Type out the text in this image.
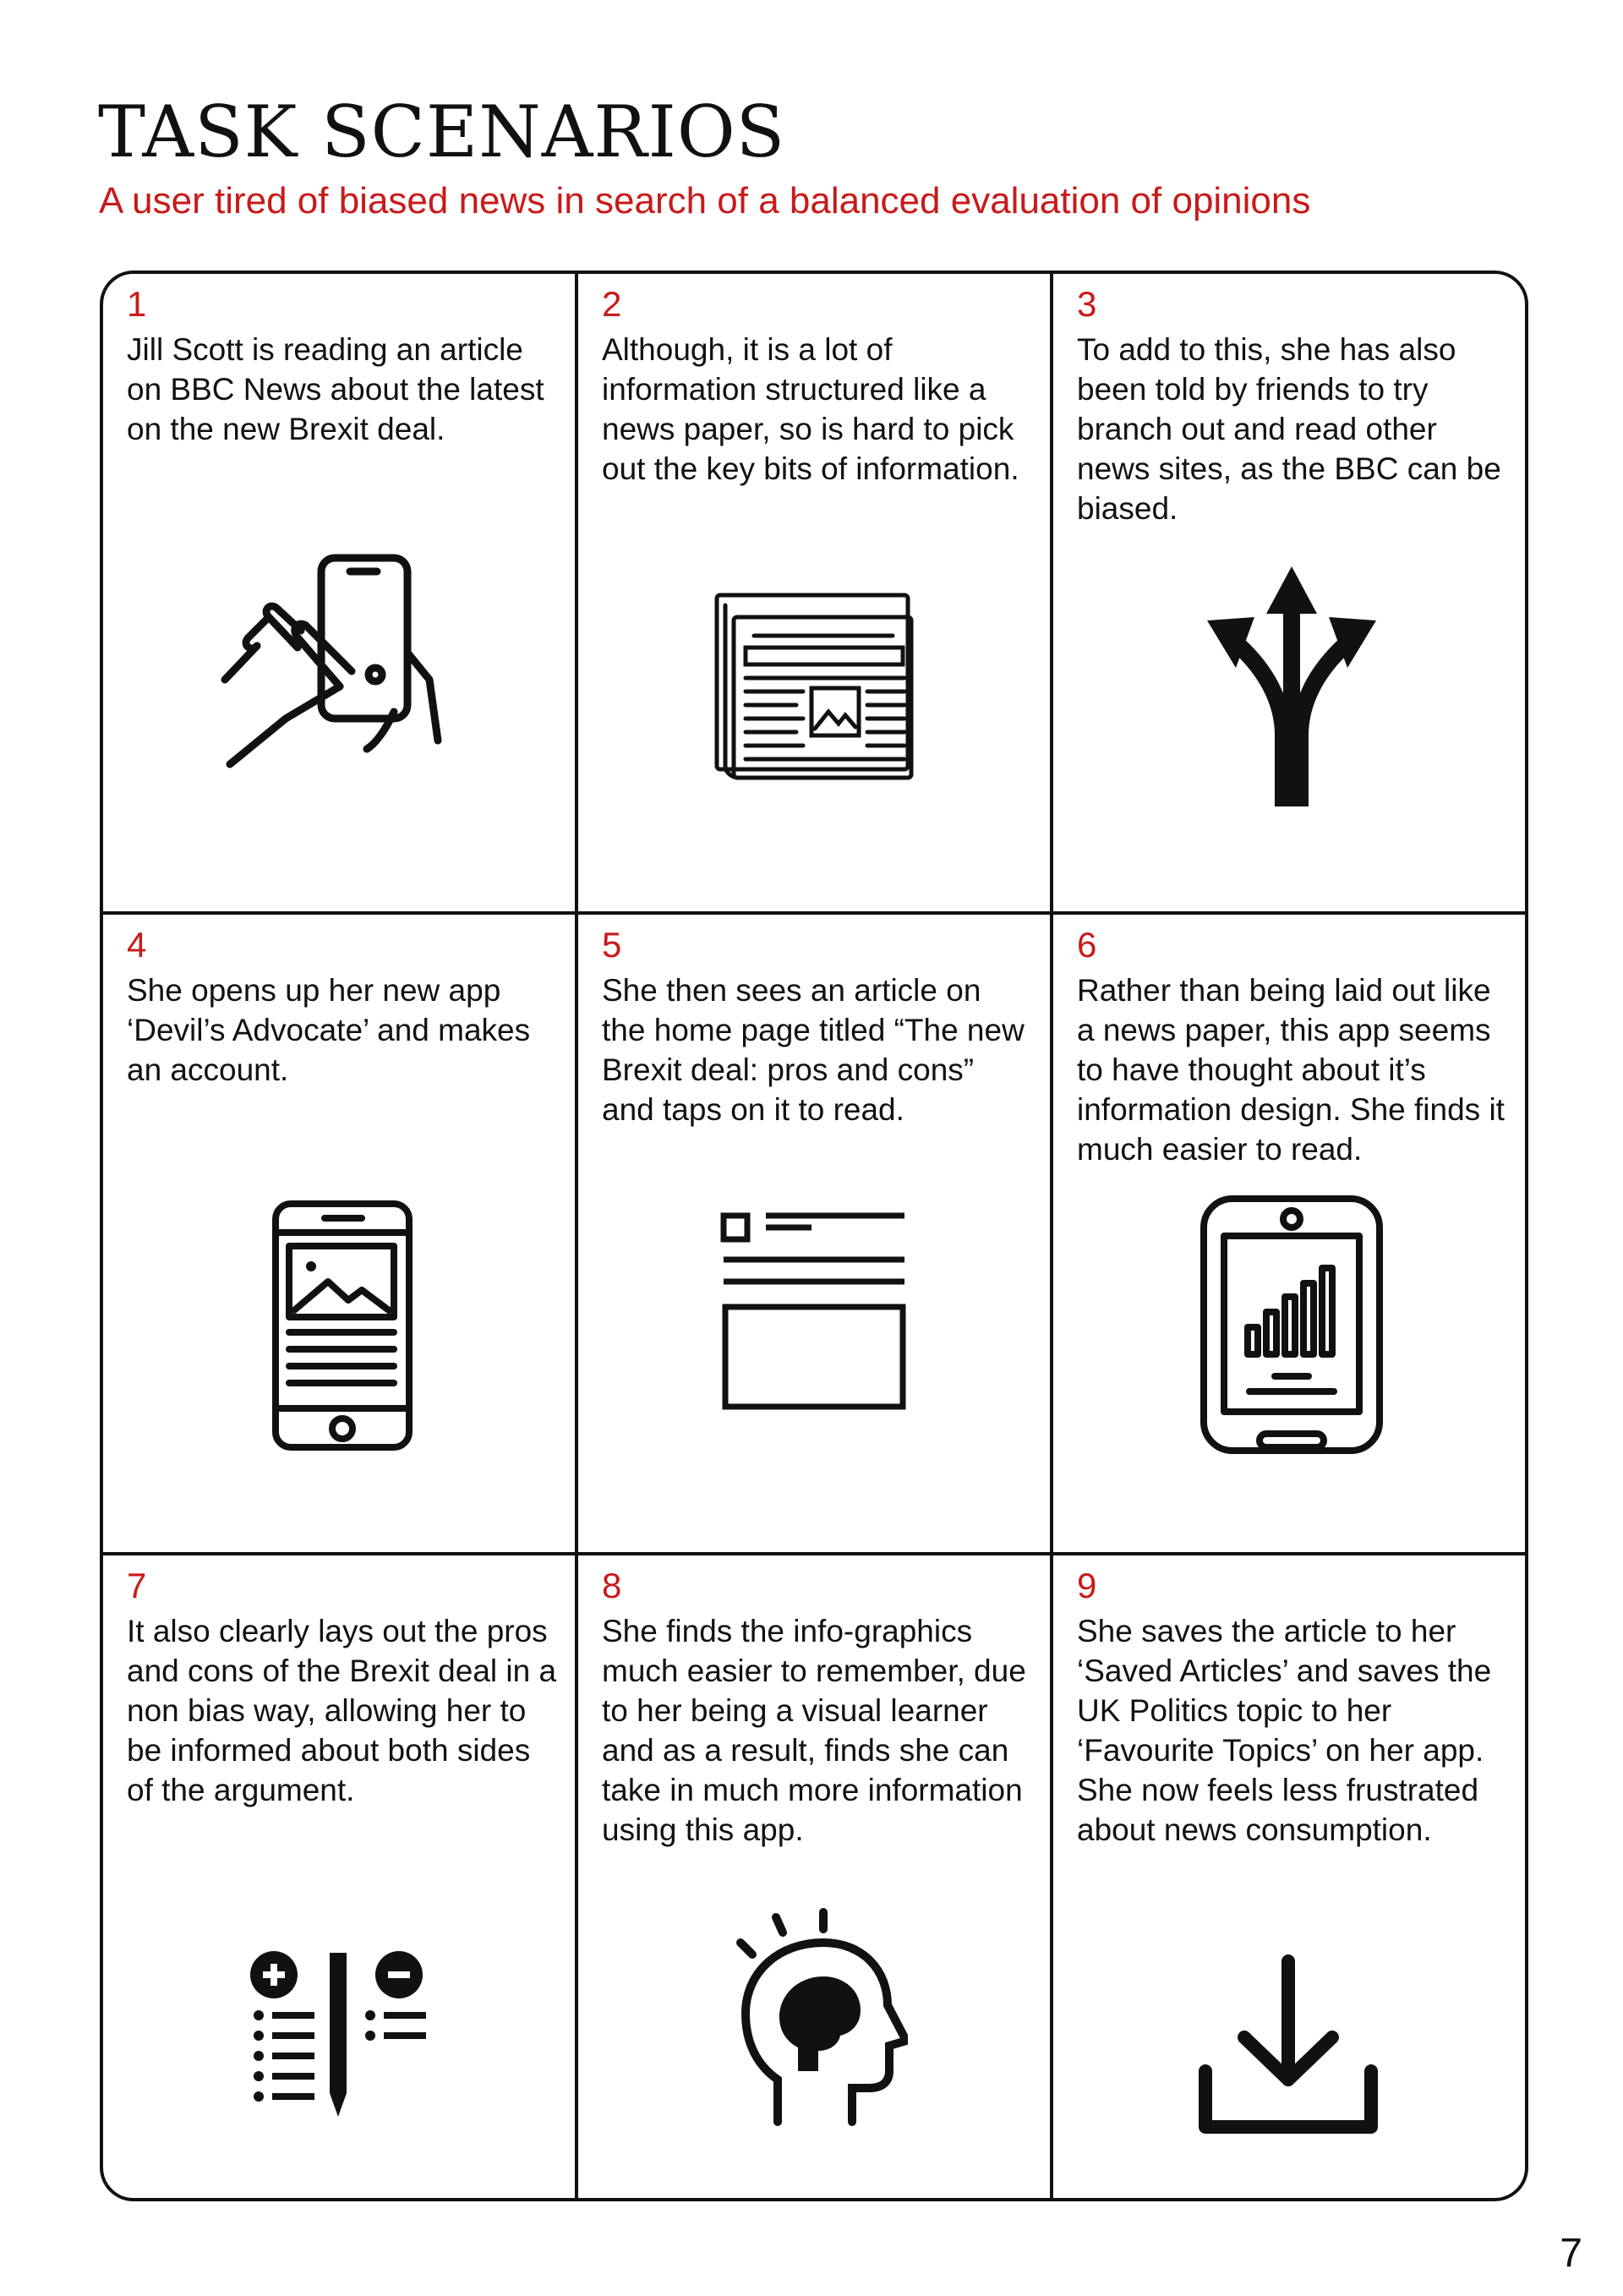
TASK SCENARIOS

A user tired of biased news in search of a balanced evaluation of opinions

1

Jill Scott is reading an article on BBC News about the latest on the new Brexit deal.

2

Although, it is a lot of information structured like a news paper, so is hard to pick out the key bits of information.

3

To add to this, she has also been told by friends to try branch out and read other news sites, as the BBC can be biased.

4

She opens up her new app ‘Devil’s Advocate’ and makes an account.

5

She then sees an article on the home page titled “The new Brexit deal: pros and cons” and taps on it to read.

6

Rather than being laid out like a news paper, this app seems to have thought about it’s information design. She finds it much easier to read.

7

It also clearly lays out the pros and cons of the Brexit deal in a non bias way, allowing her to be informed about both sides of the argument.

8

She finds the info-graphics much easier to remember, due to her being a visual learner and as a result, finds she can take in much more information using this app.

9

She saves the article to her ‘Saved Articles’ and saves the UK Politics topic to her ‘Favourite Topics’ on her app. She now feels less frustrated about news consumption.

7
